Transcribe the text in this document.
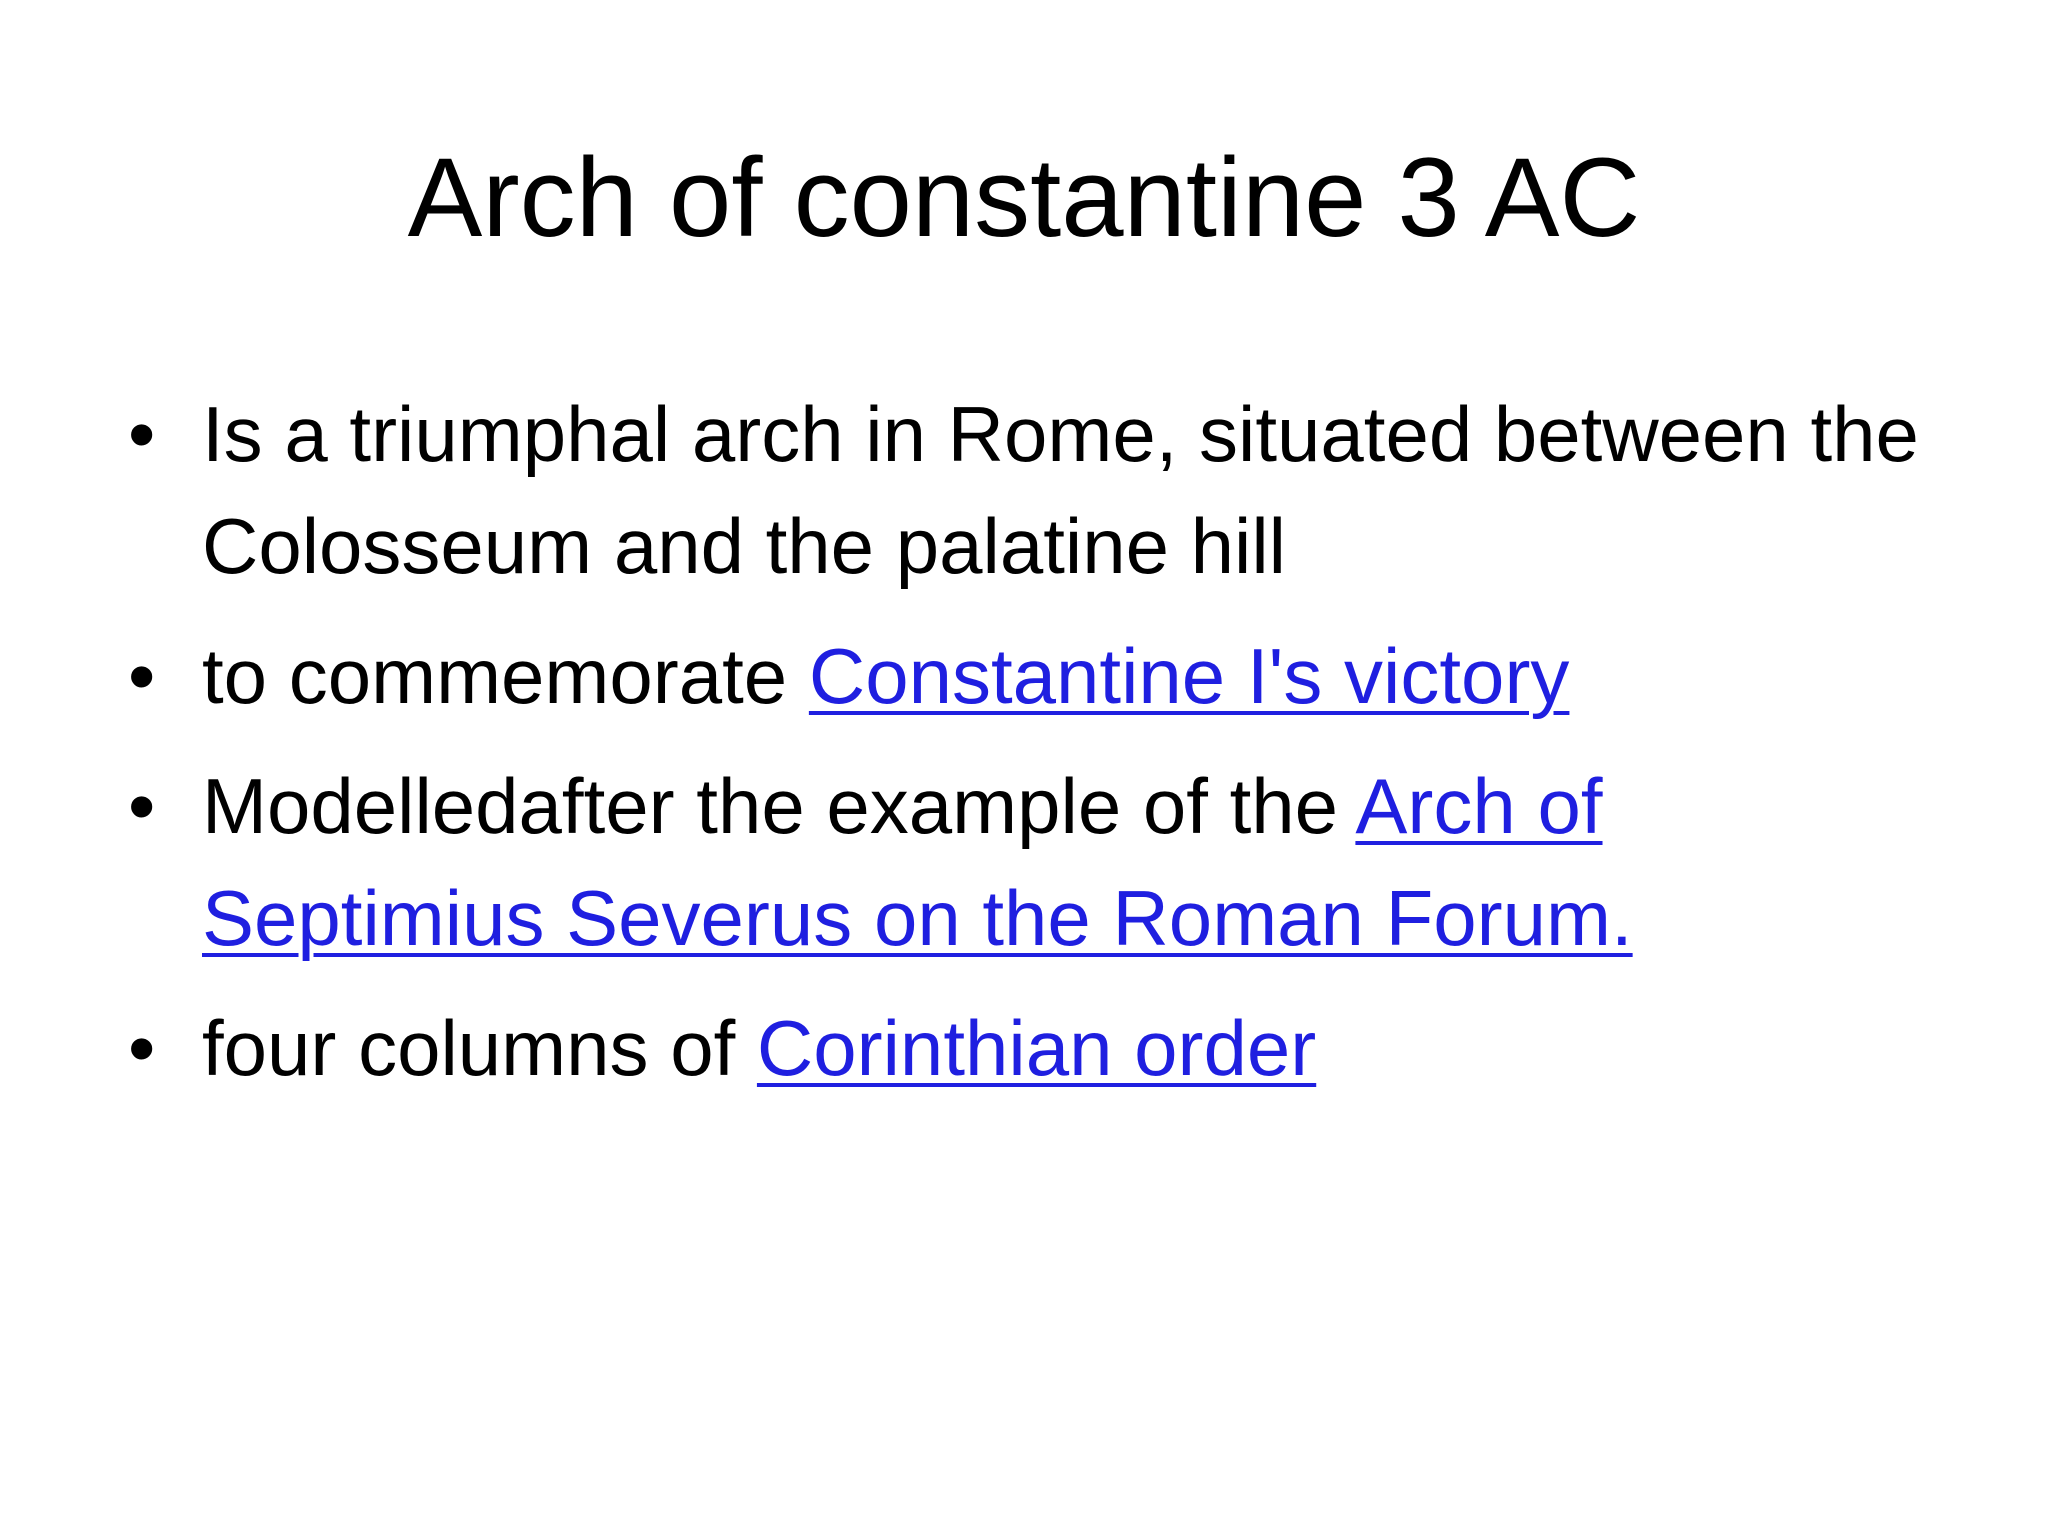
Arch of constantine 3 AC
• Is a triumphal arch in Rome, situated between the Colosseum and the palatine hill
• to commemorate Constantine I's victory
• Modelledafter the example of the Arch of Septimius Severus on the Roman Forum.
• four columns of Corinthian order
